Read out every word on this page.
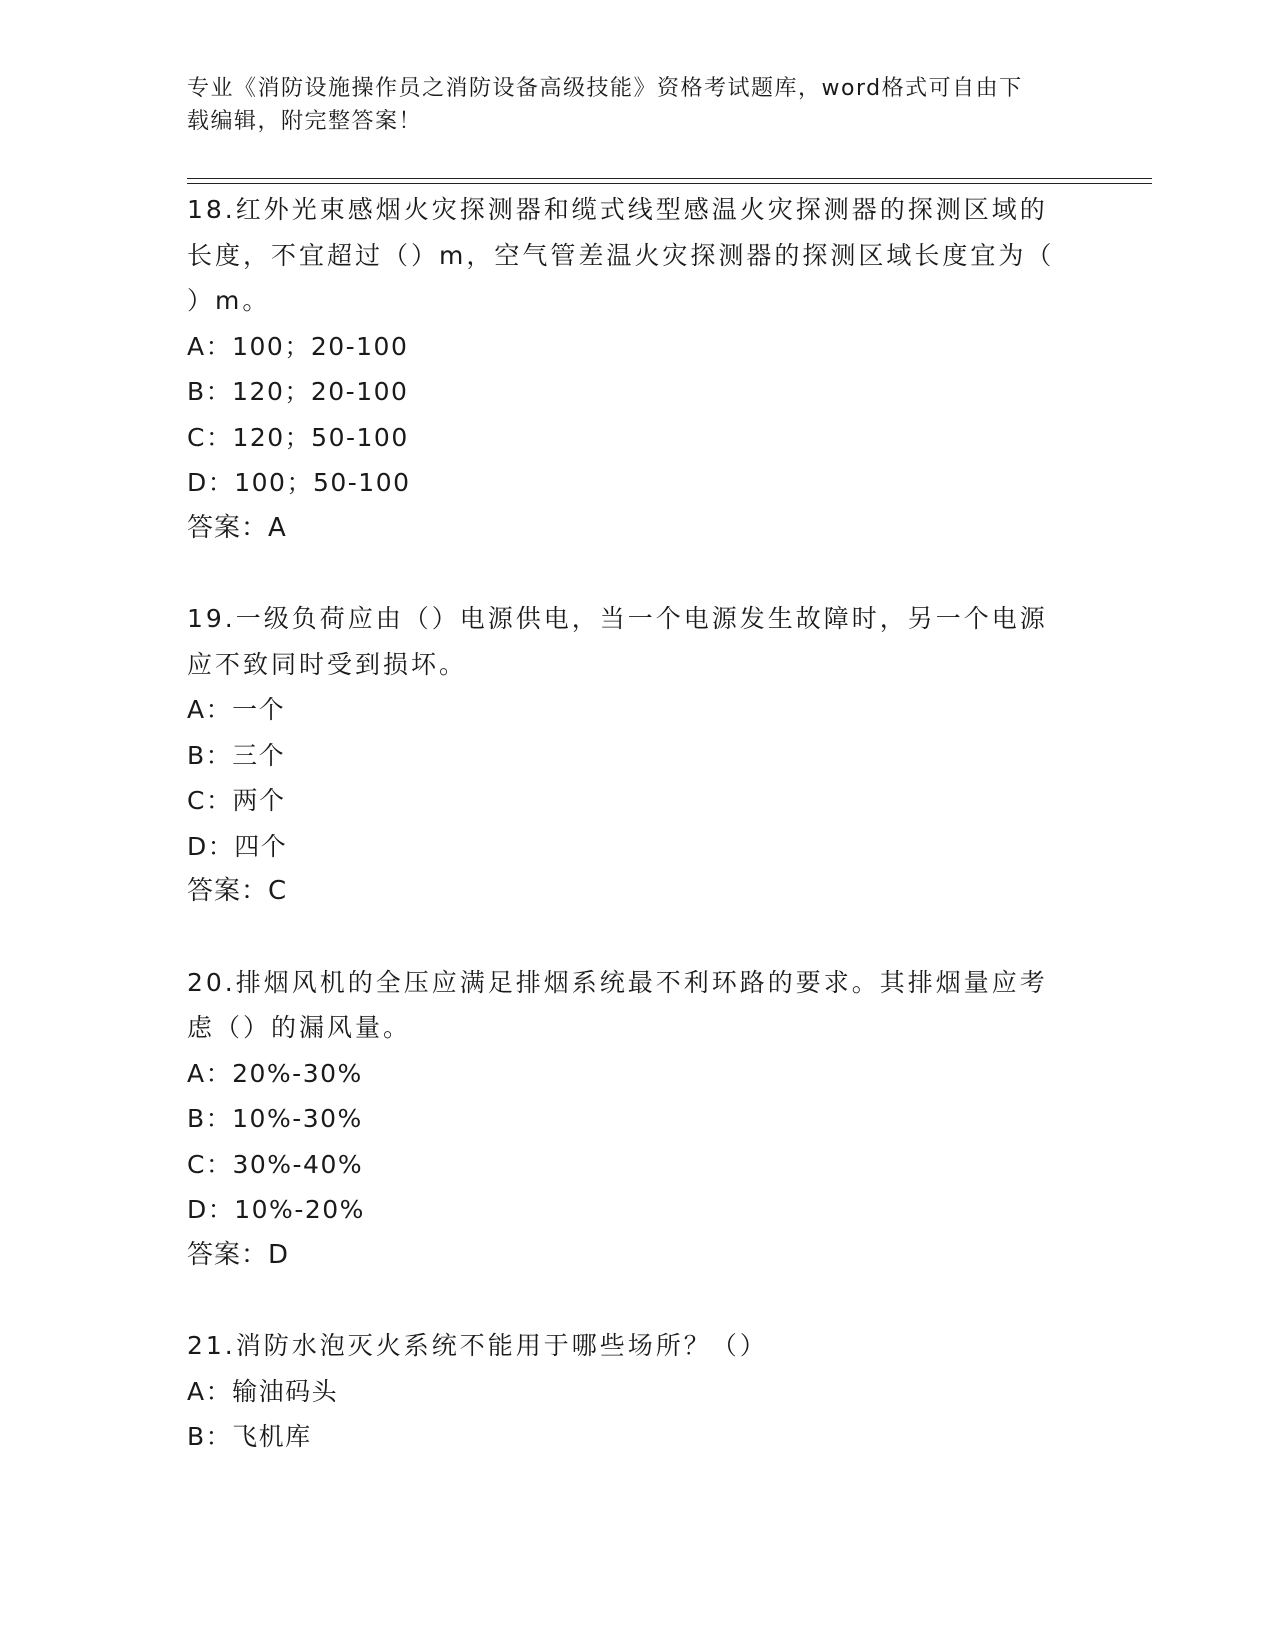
专业《消防设施操作员之消防设备高级技能》资格考试题库，word格式可自由下
载编辑，附完整答案！
18.红外光束感烟火灾探测器和缆式线型感温火灾探测器的探测区域的
长度，不宜超过（）m，空气管差温火灾探测器的探测区域长度宜为（
）m。
A：100；20-100
B：120；20-100
C：120；50-100
D：100；50-100
答案：A
19.一级负荷应由（）电源供电，当一个电源发生故障时，另一个电源
应不致同时受到损坏。
A：一个
B：三个
C：两个
D：四个
答案：C
20.排烟风机的全压应满足排烟系统最不利环路的要求。其排烟量应考
虑（）的漏风量。
A：20%-30%
B：10%-30%
C：30%-40%
D：10%-20%
答案：D
21.消防水泡灭火系统不能用于哪些场所？（）
A：输油码头
B：飞机库
